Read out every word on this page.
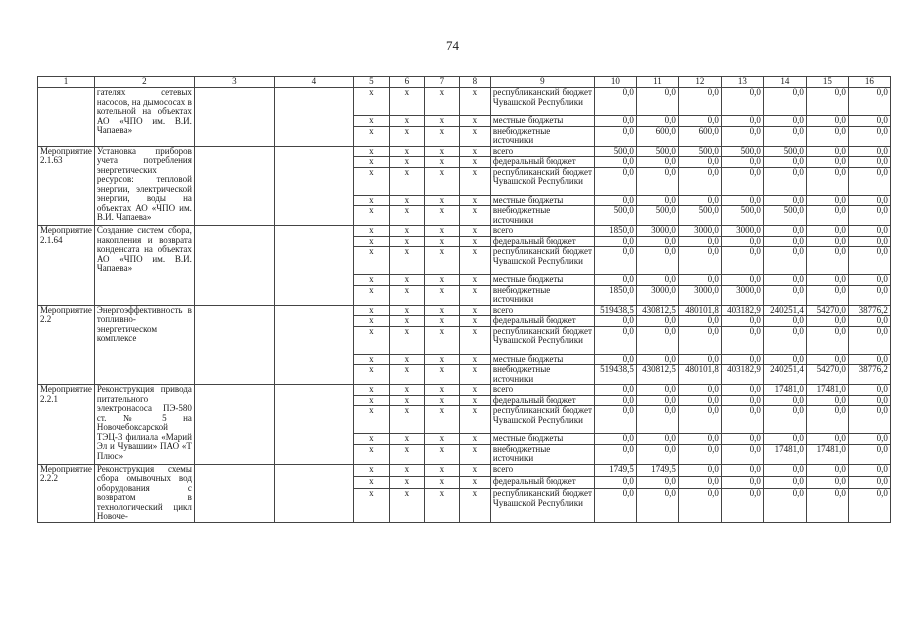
74
1	2	3	4	5	6	7	8	9	10	11	12	13	14	15	16
	гателях сетевых насосов, на дымососах в котельной на объектах АО «ЧПО им. В.И. Чапаева»			x	x	x	x	республиканский бюджет Чувашской Республики	0,0	0,0	0,0	0,0	0,0	0,0	0,0
				x	x	x	x	местные бюджеты	0,0	0,0	0,0	0,0	0,0	0,0	0,0
				x	x	x	x	внебюджетные источники	0,0	600,0	600,0	0,0	0,0	0,0	0,0
Мероприятие 2.1.63	Установка приборов учета потребления энергетических ресурсов: тепловой энергии, электрической энергии, воды на объектах АО «ЧПО им. В.И. Чапаева»			x	x	x	x	всего	500,0	500,0	500,0	500,0	500,0	0,0	0,0
				x	x	x	x	федеральный бюджет	0,0	0,0	0,0	0,0	0,0	0,0	0,0
				x	x	x	x	республиканский бюджет Чувашской Республики	0,0	0,0	0,0	0,0	0,0	0,0	0,0
				x	x	x	x	местные бюджеты	0,0	0,0	0,0	0,0	0,0	0,0	0,0
				x	x	x	x	внебюджетные источники	500,0	500,0	500,0	500,0	500,0	0,0	0,0
Мероприятие 2.1.64	Создание систем сбора, накопления и возврата конденсата на объектах АО «ЧПО им. В.И. Чапаева»			x	x	x	x	всего	1850,0	3000,0	3000,0	3000,0	0,0	0,0	0,0
				x	x	x	x	федеральный бюджет	0,0	0,0	0,0	0,0	0,0	0,0	0,0
				x	x	x	x	республиканский бюджет Чувашской Республики	0,0	0,0	0,0	0,0	0,0	0,0	0,0
				x	x	x	x	местные бюджеты	0,0	0,0	0,0	0,0	0,0	0,0	0,0
				x	x	x	x	внебюджетные источники	1850,0	3000,0	3000,0	3000,0	0,0	0,0	0,0
Мероприятие 2.2	Энергоэффективность в топливно-энергетическом комплексе			x	x	x	x	всего	519438,5	430812,5	480101,8	403182,9	240251,4	54270,0	38776,2
				x	x	x	x	федеральный бюджет	0,0	0,0	0,0	0,0	0,0	0,0	0,0
				x	x	x	x	республиканский бюджет Чувашской Республики	0,0	0,0	0,0	0,0	0,0	0,0	0,0
				x	x	x	x	местные бюджеты	0,0	0,0	0,0	0,0	0,0	0,0	0,0
				x	x	x	x	внебюджетные источники	519438,5	430812,5	480101,8	403182,9	240251,4	54270,0	38776,2
Мероприятие 2.2.1	Реконструкция привода питательного электронасоса ПЭ-580 ст. № 5 на Новочебоксарской ТЭЦ-3 филиала «Марий Эл и Чувашии» ПАО «Т Плюс»			x	x	x	x	всего	0,0	0,0	0,0	0,0	17481,0	17481,0	0,0
				x	x	x	x	федеральный бюджет	0,0	0,0	0,0	0,0	0,0	0,0	0,0
				x	x	x	x	республиканский бюджет Чувашской Республики	0,0	0,0	0,0	0,0	0,0	0,0	0,0
				x	x	x	x	местные бюджеты	0,0	0,0	0,0	0,0	0,0	0,0	0,0
				x	x	x	x	внебюджетные источники	0,0	0,0	0,0	0,0	17481,0	17481,0	0,0
Мероприятие 2.2.2	Реконструкция схемы сбора омывочных вод оборудования с возвратом в технологический цикл Новоче-			x	x	x	x	всего	1749,5	1749,5	0,0	0,0	0,0	0,0	0,0
				x	x	x	x	федеральный бюджет	0,0	0,0	0,0	0,0	0,0	0,0	0,0
				x	x	x	x	республиканский бюджет Чувашской Республики	0,0	0,0	0,0	0,0	0,0	0,0	0,0
